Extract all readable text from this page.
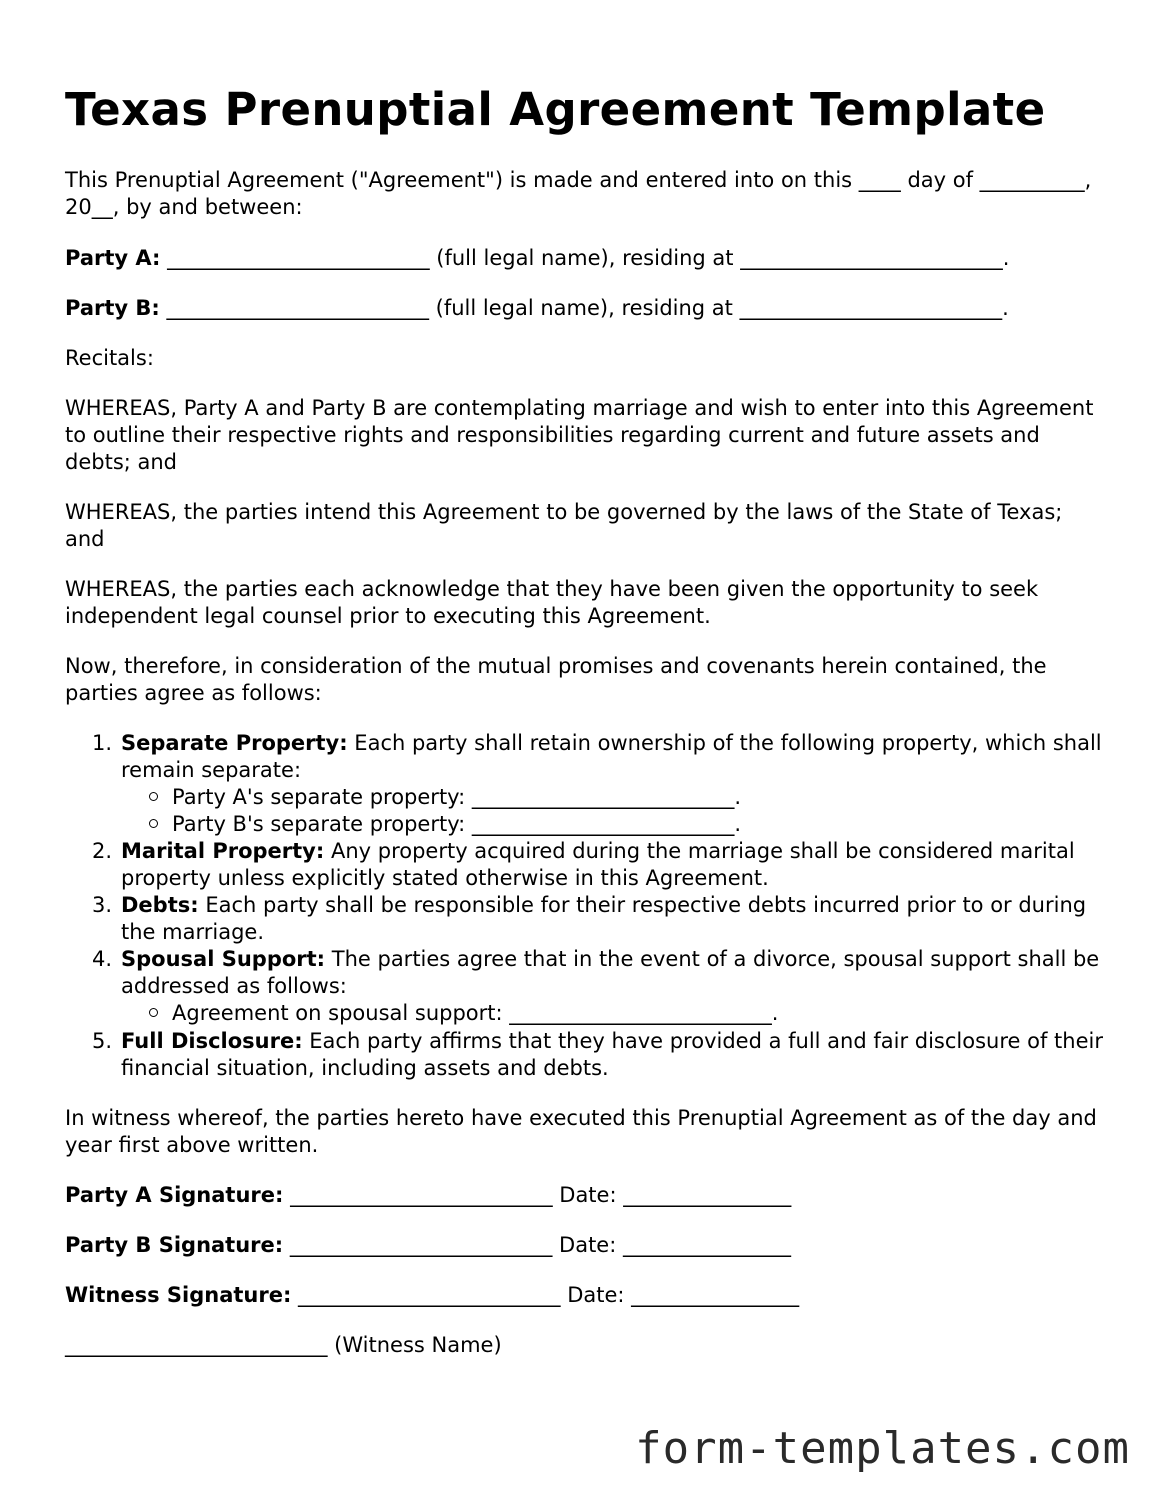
Texas Prenuptial Agreement Template

This Prenuptial Agreement ("Agreement") is made and entered into on this ____ day of __________, 20__, by and between:

Party A: _________________________ (full legal name), residing at _________________________.

Party B: _________________________ (full legal name), residing at _________________________.

Recitals:

WHEREAS, Party A and Party B are contemplating marriage and wish to enter into this Agreement to outline their respective rights and responsibilities regarding current and future assets and debts; and

WHEREAS, the parties intend this Agreement to be governed by the laws of the State of Texas; and

WHEREAS, the parties each acknowledge that they have been given the opportunity to seek independent legal counsel prior to executing this Agreement.

Now, therefore, in consideration of the mutual promises and covenants herein contained, the parties agree as follows:

1. Separate Property: Each party shall retain ownership of the following property, which shall remain separate:
Party A's separate property: _________________________.
Party B's separate property: _________________________.
2. Marital Property: Any property acquired during the marriage shall be considered marital property unless explicitly stated otherwise in this Agreement.
3. Debts: Each party shall be responsible for their respective debts incurred prior to or during the marriage.
4. Spousal Support: The parties agree that in the event of a divorce, spousal support shall be addressed as follows:
Agreement on spousal support: _________________________.
5. Full Disclosure: Each party affirms that they have provided a full and fair disclosure of their financial situation, including assets and debts.

In witness whereof, the parties hereto have executed this Prenuptial Agreement as of the day and year first above written.

Party A Signature: _________________________ Date: ________________

Party B Signature: _________________________ Date: ________________

Witness Signature: _________________________ Date: ________________

_________________________ (Witness Name)

form-templates.com
